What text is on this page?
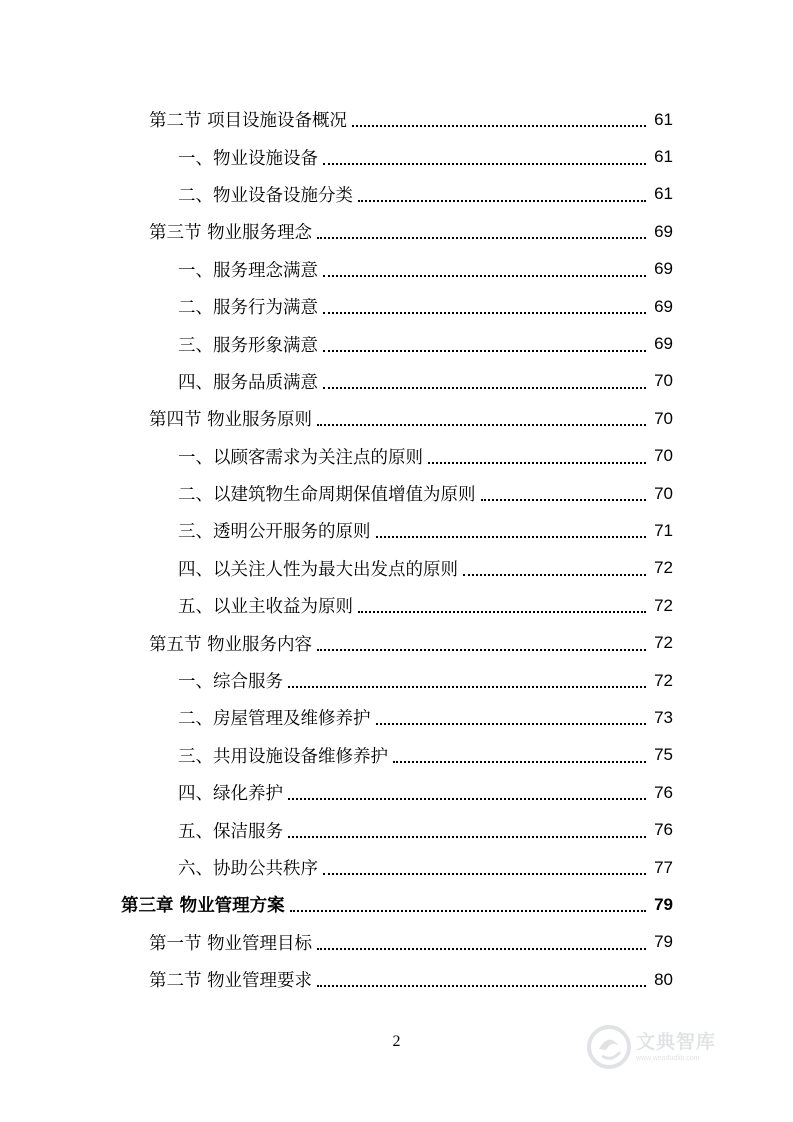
第二节 项目设施设备概况	61
一、物业设施设备	61
二、物业设备设施分类	61
第三节 物业服务理念	69
一、服务理念满意	69
二、服务行为满意	69
三、服务形象满意	69
四、服务品质满意	70
第四节 物业服务原则	70
一、以顾客需求为关注点的原则	70
二、以建筑物生命周期保值增值为原则	70
三、透明公开服务的原则	71
四、以关注人性为最大出发点的原则	72
五、以业主收益为原则	72
第五节 物业服务内容	72
一、综合服务	72
二、房屋管理及维修养护	73
三、共用设施设备维修养护	75
四、绿化养护	76
五、保洁服务	76
六、协助公共秩序	77
第三章 物业管理方案	79
第一节 物业管理目标	79
第二节 物业管理要求	80
2	文典智库
www.wendudlib.com
